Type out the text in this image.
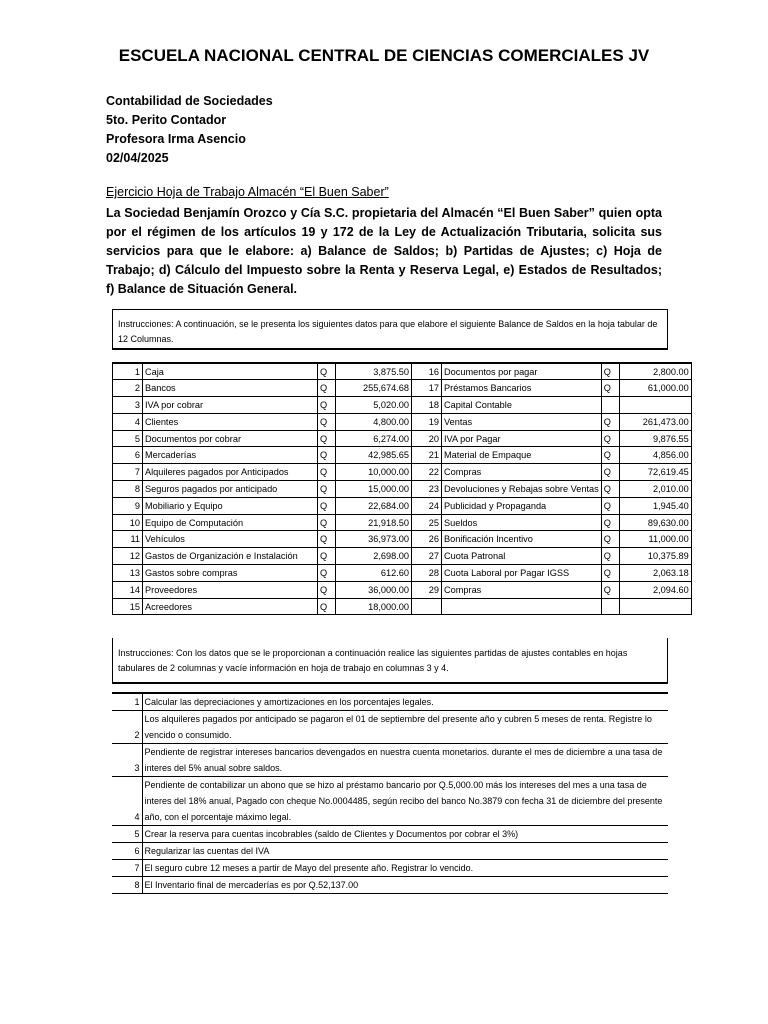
ESCUELA NACIONAL CENTRAL DE CIENCIAS COMERCIALES JV
Contabilidad de Sociedades
5to. Perito Contador
Profesora Irma Asencio
02/04/2025
Ejercicio Hoja de Trabajo Almacén “El Buen Saber”
La Sociedad Benjamín Orozco y Cía S.C. propietaria del Almacén “El Buen Saber” quien opta por el régimen de los artículos 19 y 172 de la Ley de Actualización Tributaria, solicita sus servicios para que le elabore: a) Balance de Saldos; b) Partidas de Ajustes; c) Hoja de Trabajo; d) Cálculo del Impuesto sobre la Renta y Reserva Legal, e) Estados de Resultados; f) Balance de Situación General.
Instrucciones: A continuación, se le presenta los siguientes datos para que elabore el siguiente Balance de Saldos en la hoja tabular de 12 Columnas.
1	Caja	Q	3,875.50	16	Documentos por pagar	Q	2,800.00
2	Bancos	Q	255,674.68	17	Préstamos Bancarios	Q	61,000.00
3	IVA por cobrar	Q	5,020.00	18	Capital Contable		
4	Clientes	Q	4,800.00	19	Ventas	Q	261,473.00
5	Documentos por cobrar	Q	6,274.00	20	IVA por Pagar	Q	9,876.55
6	Mercaderías	Q	42,985.65	21	Material de Empaque	Q	4,856.00
7	Alquileres pagados por Anticipados	Q	10,000.00	22	Compras	Q	72,619.45
8	Seguros pagados por anticipado	Q	15,000.00	23	Devoluciones y Rebajas sobre Ventas	Q	2,010.00
9	Mobiliario y Equipo	Q	22,684.00	24	Publicidad y Propaganda	Q	1,945.40
10	Equipo de Computación	Q	21,918.50	25	Sueldos	Q	89,630.00
11	Vehículos	Q	36,973.00	26	Bonificación Incentivo	Q	11,000.00
12	Gastos de Organización e Instalación	Q	2,698.00	27	Cuota Patronal	Q	10,375.89
13	Gastos sobre compras	Q	612.60	28	Cuota Laboral por Pagar IGSS	Q	2,063.18
14	Proveedores	Q	36,000.00	29	Compras	Q	2,094.60
15	Acreedores	Q	18,000.00				
Instrucciones: Con los datos que se le proporcionan a continuación realice las siguientes partidas de ajustes contables en hojas tabulares de 2 columnas y vacíe información en hoja de trabajo en columnas 3 y 4.
1	Calcular las depreciaciones y amortizaciones en los porcentajes legales.
2	Los alquileres pagados por anticipado se pagaron el 01 de septiembre del presente año y cubren 5 meses de renta. Registre lo vencido o consumido.
3	Pendiente de registrar intereses bancarios devengados en nuestra cuenta monetarios. durante el mes de diciembre a una tasa de interes del 5% anual sobre saldos.
4	Pendiente de contabilizar un abono que se hizo al préstamo bancario por Q.5,000.00 más los intereses del mes a una tasa de interes del 18% anual, Pagado con cheque No.0004485, según recibo del banco No.3879 con fecha 31 de diciembre del presente año, con el porcentaje máximo legal.
5	Crear la reserva para cuentas incobrables (saldo de Clientes y Documentos por cobrar el 3%)
6	Regularizar las cuentas del IVA
7	El seguro cubre 12 meses a partir de Mayo del presente año. Registrar lo vencido.
8	El Inventario final de mercaderías es por Q.52,137.00
